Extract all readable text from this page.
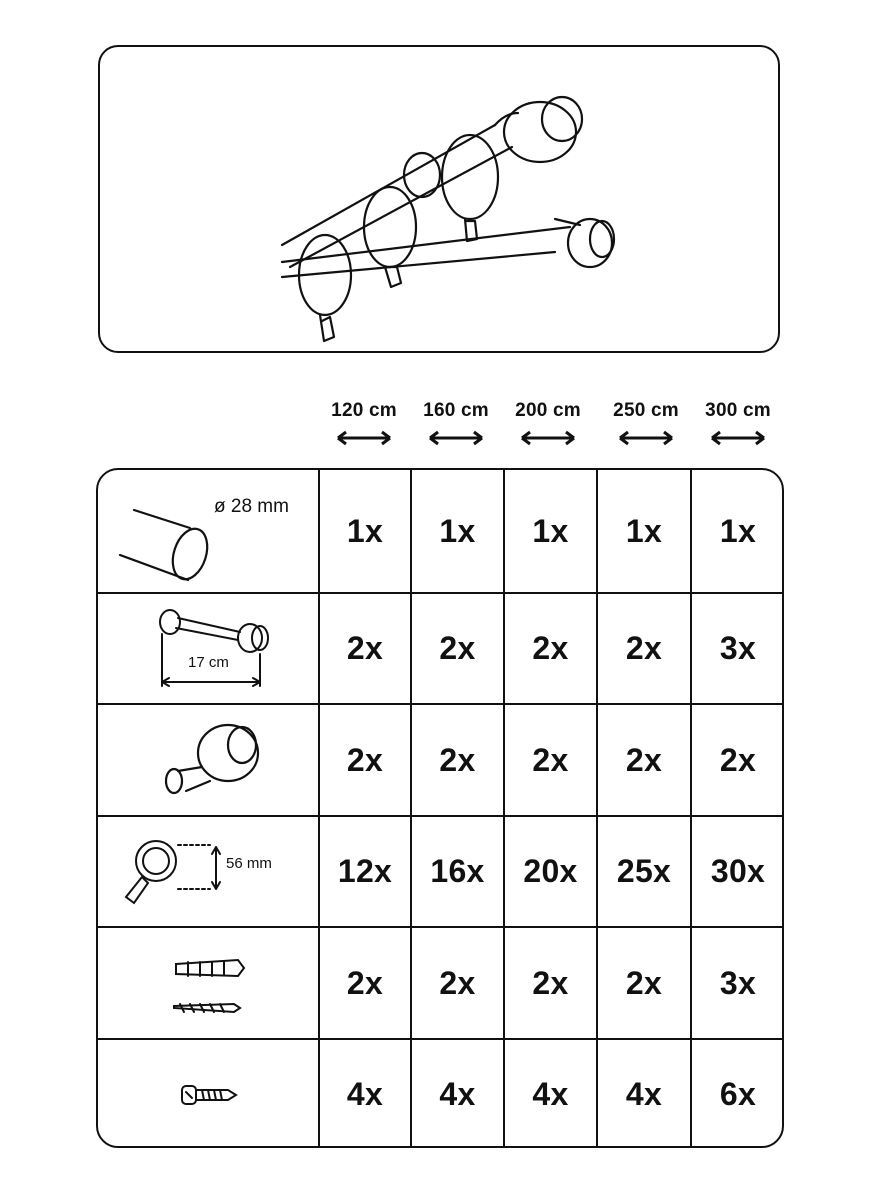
120 cm	160 cm	200 cm	250 cm	300 cm
ø 28 mm
1x	1x	1x	1x	1x
17 cm	2x	2x	2x	2x	3x
2x	2x	2x	2x	2x
56 mm	12x	16x	20x	25x	30x
2x	2x	2x	2x	3x
4x	4x	4x	4x	6x
